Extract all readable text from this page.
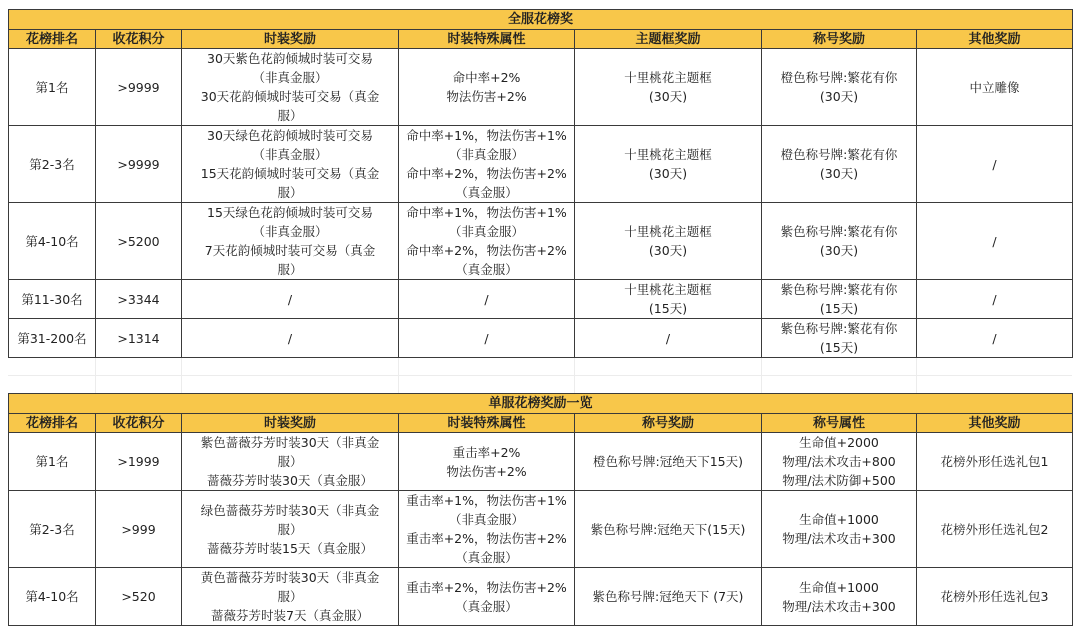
全服花榜奖						
花榜排名	收花积分	时装奖励	时装特殊属性	主题框奖励	称号奖励	其他奖励
第1名	>9999	30天紫色花韵倾城时装可交易
（非真金服）
30天花韵倾城时装可交易（真金
服）	命中率+2%
物法伤害+2%	十里桃花主题框
(30天)	橙色称号牌:繁花有你
(30天)	中立雕像

第2-3名	>9999	30天绿色花韵倾城时装可交易
（非真金服）
15天花韵倾城时装可交易（真金
服）	命中率+1%，物法伤害+1%
（非真金服）
命中率+2%，物法伤害+2%
（真金服）	十里桃花主题框
(30天)	橙色称号牌:繁花有你
(30天)	/

第4-10名	>5200	15天绿色花韵倾城时装可交易
（非真金服）
7天花韵倾城时装可交易（真金
服）	命中率+1%，物法伤害+1%
（非真金服）
命中率+2%，物法伤害+2%
（真金服）	十里桃花主题框
(30天)	紫色称号牌:繁花有你
(30天)	/

第11-30名	>3344	/	/	十里桃花主题框
(15天)	紫色称号牌:繁花有你
(15天)	/

第31-200名	>1314	/	/	/	紫色称号牌:繁花有你
(15天)	/
单服花榜奖励一览						
花榜排名	收花积分	时装奖励	时装特殊属性	称号奖励	称号属性	其他奖励
第1名	>1999	紫色蔷薇芬芳时装30天（非真金
服）
蔷薇芬芳时装30天（真金服）	重击率+2%
物法伤害+2%	橙色称号牌:冠绝天下15天)	生命值+2000
物理/法术攻击+800
物理/法术防御+500	花榜外形任选礼包1

第2-3名	>999	绿色蔷薇芬芳时装30天（非真金
服）
蔷薇芬芳时装15天（真金服）	重击率+1%，物法伤害+1%
（非真金服）
重击率+2%，物法伤害+2%
（真金服）	紫色称号牌:冠绝天下(15天)	生命值+1000
物理/法术攻击+300	花榜外形任选礼包2

第4-10名	>520	黄色蔷薇芬芳时装30天（非真金
服）
蔷薇芬芳时装7天（真金服）	重击率+2%，物法伤害+2%
（真金服）	紫色称号牌:冠绝天下 (7天)	生命值+1000
物理/法术攻击+300	花榜外形任选礼包3
